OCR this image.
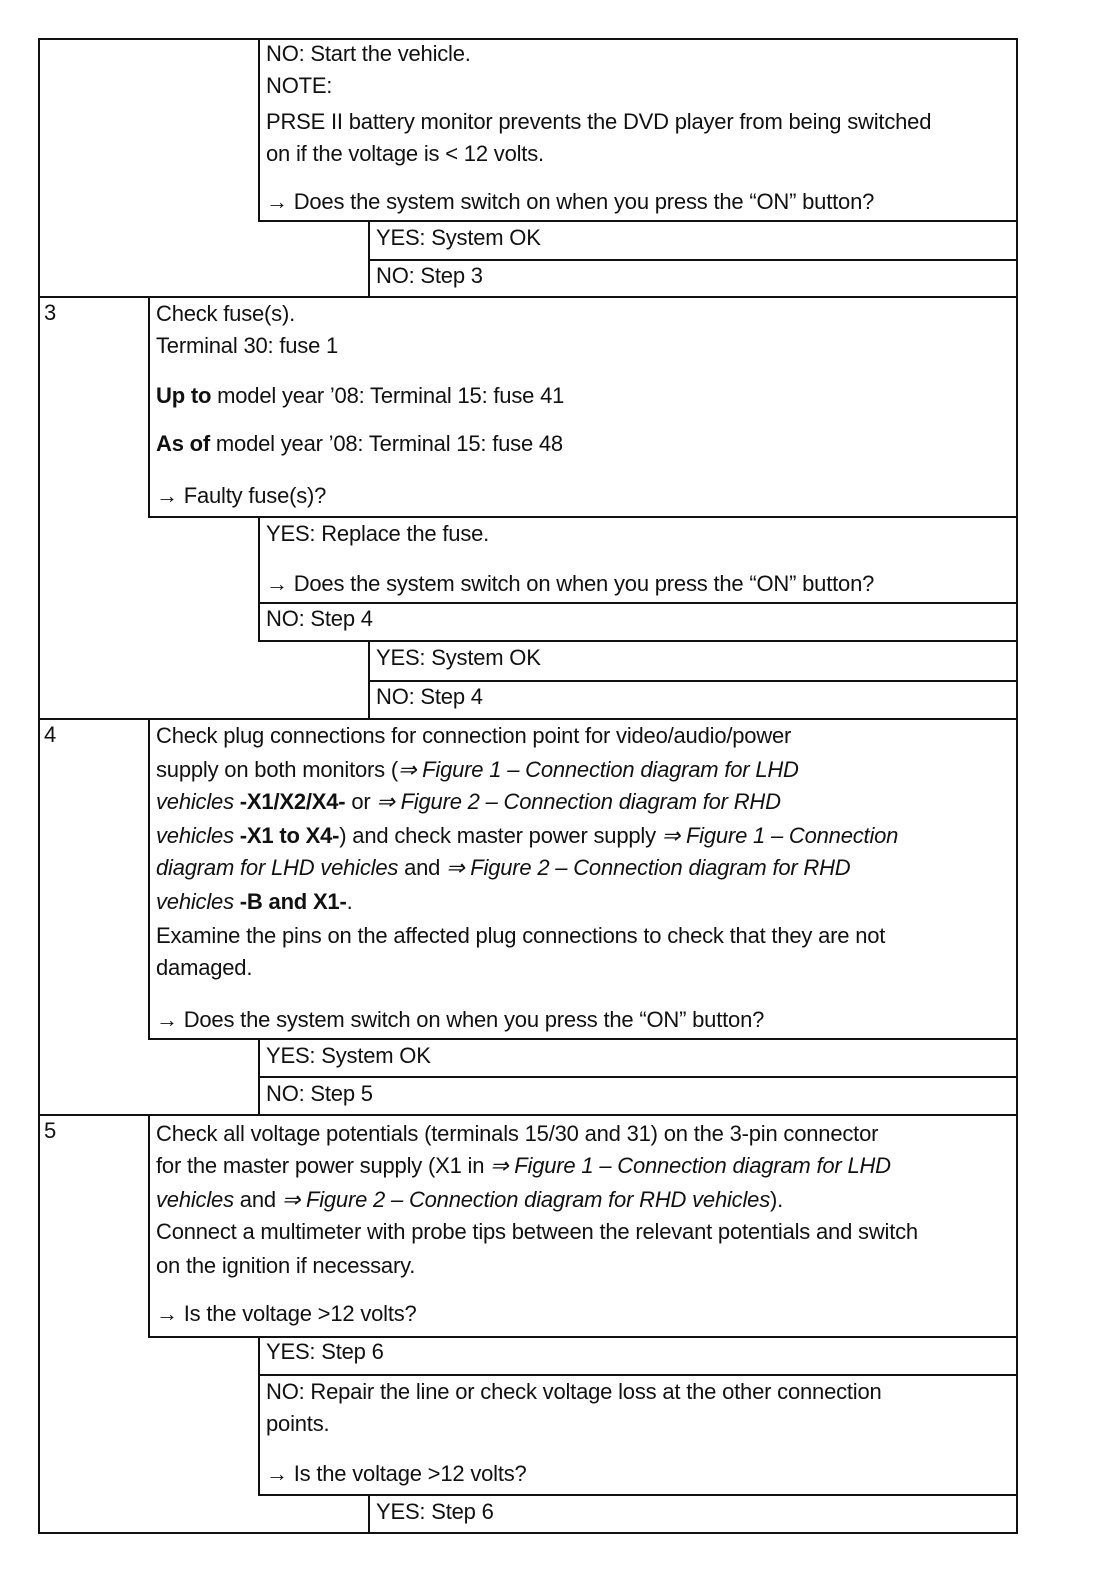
NO: Start the vehicle.
NOTE:
PRSE II battery monitor prevents the DVD player from being switched
on if the voltage is < 12 volts.
→ Does the system switch on when you press the “ON” button?
YES: System OK
NO: Step 3
3	Check fuse(s).
Terminal 30: fuse 1
Up to model year ’08: Terminal 15: fuse 41
As of model year ’08: Terminal 15: fuse 48
→ Faulty fuse(s)?
YES: Replace the fuse.
→ Does the system switch on when you press the “ON” button?
NO: Step 4
YES: System OK
NO: Step 4
4	Check plug connections for connection point for video/audio/power
supply on both monitors (⇒ Figure 1 – Connection diagram for LHD
vehicles -X1/X2/X4- or ⇒ Figure 2 – Connection diagram for RHD
vehicles -X1 to X4-) and check master power supply ⇒ Figure 1 – Connection
diagram for LHD vehicles and ⇒ Figure 2 – Connection diagram for RHD
vehicles -B and X1-.
Examine the pins on the affected plug connections to check that they are not
damaged.
→ Does the system switch on when you press the “ON” button?
YES: System OK
NO: Step 5
5	Check all voltage potentials (terminals 15/30 and 31) on the 3-pin connector
for the master power supply (X1 in ⇒ Figure 1 – Connection diagram for LHD
vehicles and ⇒ Figure 2 – Connection diagram for RHD vehicles).
Connect a multimeter with probe tips between the relevant potentials and switch
on the ignition if necessary.
→ Is the voltage >12 volts?
YES: Step 6
NO: Repair the line or check voltage loss at the other connection
points.
→ Is the voltage >12 volts?
YES: Step 6
